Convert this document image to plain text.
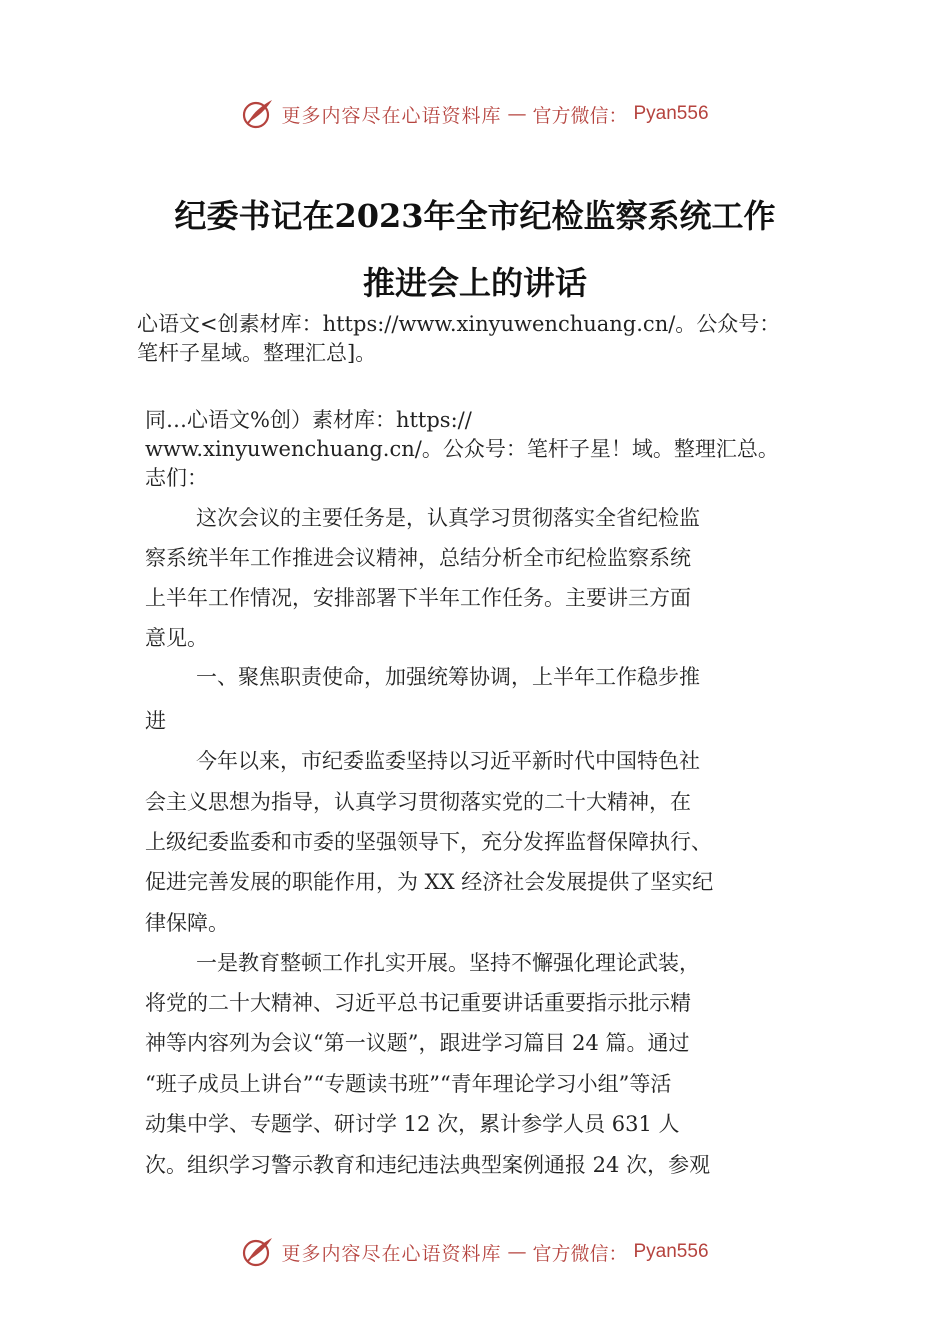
更多内容尽在心语资料库 — 官方微信： Pyan556
纪委书记在2023年全市纪检监察系统工作
推进会上的讲话
心语文<创素材库：https://www.xinyuwenchuang.cn/。公众号：
笔杆子星域。整理汇总]。
同…心语文%创）素材库：https://
www.xinyuwenchuang.cn/。公众号：笔杆子星！域。整理汇总。
志们：
这次会议的主要任务是，认真学习贯彻落实全省纪检监
察系统半年工作推进会议精神，总结分析全市纪检监察系统
上半年工作情况，安排部署下半年工作任务。主要讲三方面
意见。
一、聚焦职责使命，加强统筹协调，上半年工作稳步推
进
今年以来，市纪委监委坚持以习近平新时代中国特色社
会主义思想为指导，认真学习贯彻落实党的二十大精神，在
上级纪委监委和市委的坚强领导下，充分发挥监督保障执行、
促进完善发展的职能作用，为 XX 经济社会发展提供了坚实纪
律保障。
一是教育整顿工作扎实开展。坚持不懈强化理论武装，
将党的二十大精神、习近平总书记重要讲话重要指示批示精
神等内容列为会议“第一议题”，跟进学习篇目 24 篇。通过
“班子成员上讲台”“专题读书班”“青年理论学习小组”等活
动集中学、专题学、研讨学 12 次，累计参学人员 631 人
次。组织学习警示教育和违纪违法典型案例通报 24 次，参观
更多内容尽在心语资料库 — 官方微信： Pyan556
